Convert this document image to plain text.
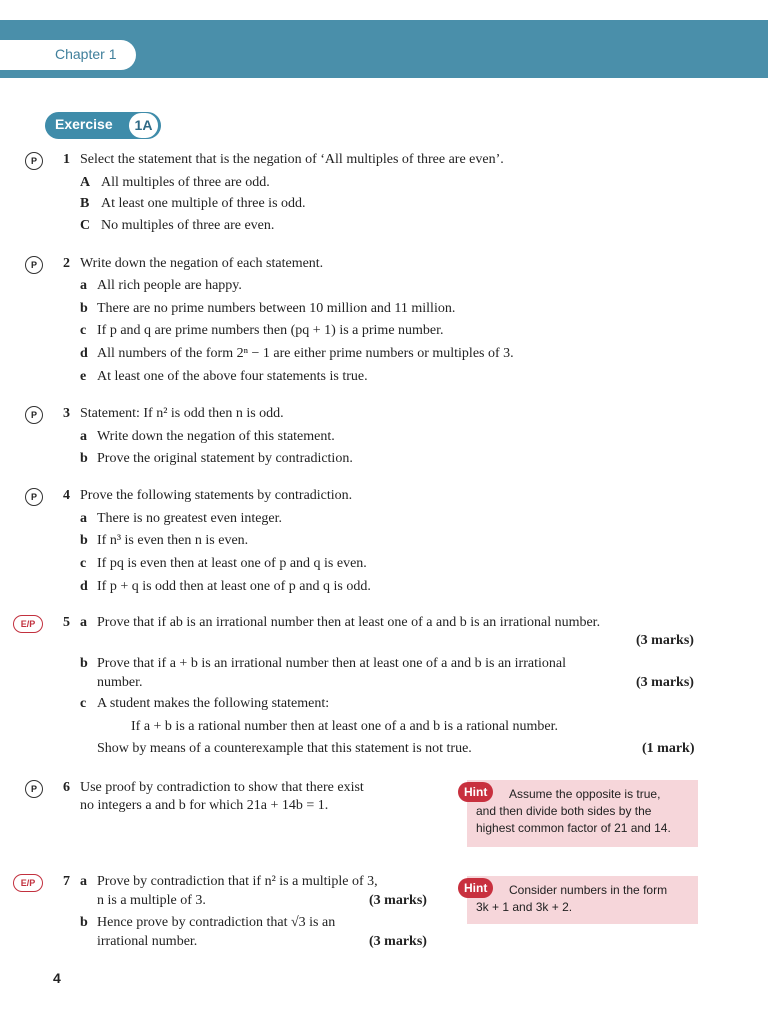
Chapter 1
Exercise	1A
P	1 Select the statement that is the negation of ‘All multiples of three are even’.
A All multiples of three are odd.
B At least one multiple of three is odd.
C No multiples of three are even.
P	2 Write down the negation of each statement.
a All rich people are happy.
b There are no prime numbers between 10 million and 11 million.
c If p and q are prime numbers then (pq + 1) is a prime number.
d All numbers of the form 2ⁿ − 1 are either prime numbers or multiples of 3.
e At least one of the above four statements is true.
P	3 Statement: If n² is odd then n is odd.
a Write down the negation of this statement.
b Prove the original statement by contradiction.
P	4 Prove the following statements by contradiction.
a There is no greatest even integer.
b If n³ is even then n is even.
c If pq is even then at least one of p and q is even.
d If p + q is odd then at least one of p and q is odd.
E/P	5 a Prove that if ab is an irrational number then at least one of a and b is an irrational number.
(3 marks)
b Prove that if a + b is an irrational number then at least one of a and b is an irrational
number.	(3 marks)
c A student makes the following statement:
If a + b is a rational number then at least one of a and b is a rational number.
Show by means of a counterexample that this statement is not true.	(1 mark)
P	6 Use proof by contradiction to show that there exist
no integers a and b for which 21a + 14b = 1.
Hint	Assume the opposite is true,
and then divide both sides by the
highest common factor of 21 and 14.
E/P	7 a Prove by contradiction that if n² is a multiple of 3,
n is a multiple of 3.	(3 marks)
b Hence prove by contradiction that √3 is an
irrational number.	(3 marks)
Hint	Consider numbers in the form
3k + 1 and 3k + 2.
4
